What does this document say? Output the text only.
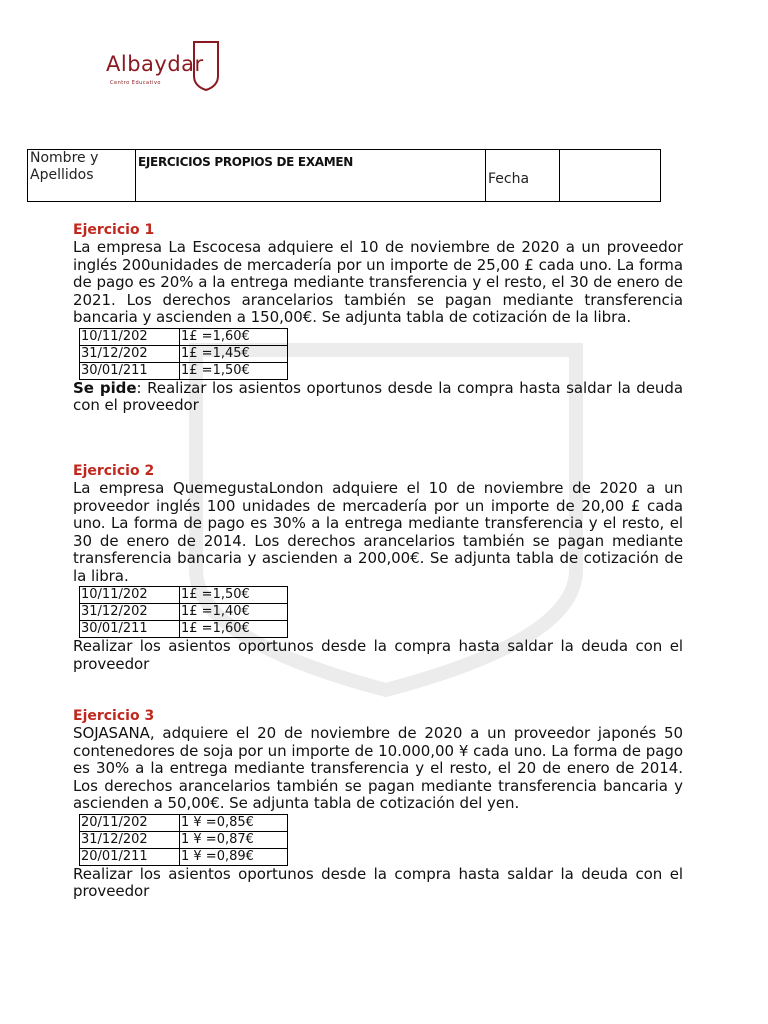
Albaydar
Centro Educativo
Nombre y Apellidos
EJERCICIOS PROPIOS DE EXAMEN
Fecha

Ejercicio 1

La empresa La Escocesa adquiere el 10 de noviembre de 2020 a un proveedor inglés 200unidades de mercadería por un importe de 25,00 £ cada uno. La forma de pago es 20% a la entrega mediante transferencia y el resto, el 30 de enero de 2021. Los derechos arancelarios también se pagan mediante transferencia bancaria y ascienden a 150,00€. Se adjunta tabla de cotización de la libra.

10/11/202	1£ =1,60€
31/12/202	1£ =1,45€
30/01/211	1£ =1,50€

Se pide: Realizar los asientos oportunos desde la compra hasta saldar la deuda con el proveedor

Ejercicio 2

La empresa QuemegustaLondon adquiere el 10 de noviembre de 2020 a un proveedor inglés 100 unidades de mercadería por un importe de 20,00 £ cada uno. La forma de pago es 30% a la entrega mediante transferencia y el resto, el 30 de enero de 2014. Los derechos arancelarios también se pagan mediante transferencia bancaria y ascienden a 200,00€. Se adjunta tabla de cotización de la libra.

10/11/202	1£ =1,50€
31/12/202	1£ =1,40€
30/01/211	1£ =1,60€

Realizar los asientos oportunos desde la compra hasta saldar la deuda con el proveedor

Ejercicio 3

SOJASANA, adquiere el 20 de noviembre de 2020 a un proveedor japonés 50 contenedores de soja por un importe de 10.000,00 ¥ cada uno. La forma de pago es 30% a la entrega mediante transferencia y el resto, el 20 de enero de 2014. Los derechos arancelarios también se pagan mediante transferencia bancaria y ascienden a 50,00€. Se adjunta tabla de cotización del yen.

20/11/202	1 ¥ =0,85€
31/12/202	1 ¥ =0,87€
20/01/211	1 ¥ =0,89€

Realizar los asientos oportunos desde la compra hasta saldar la deuda con el proveedor
